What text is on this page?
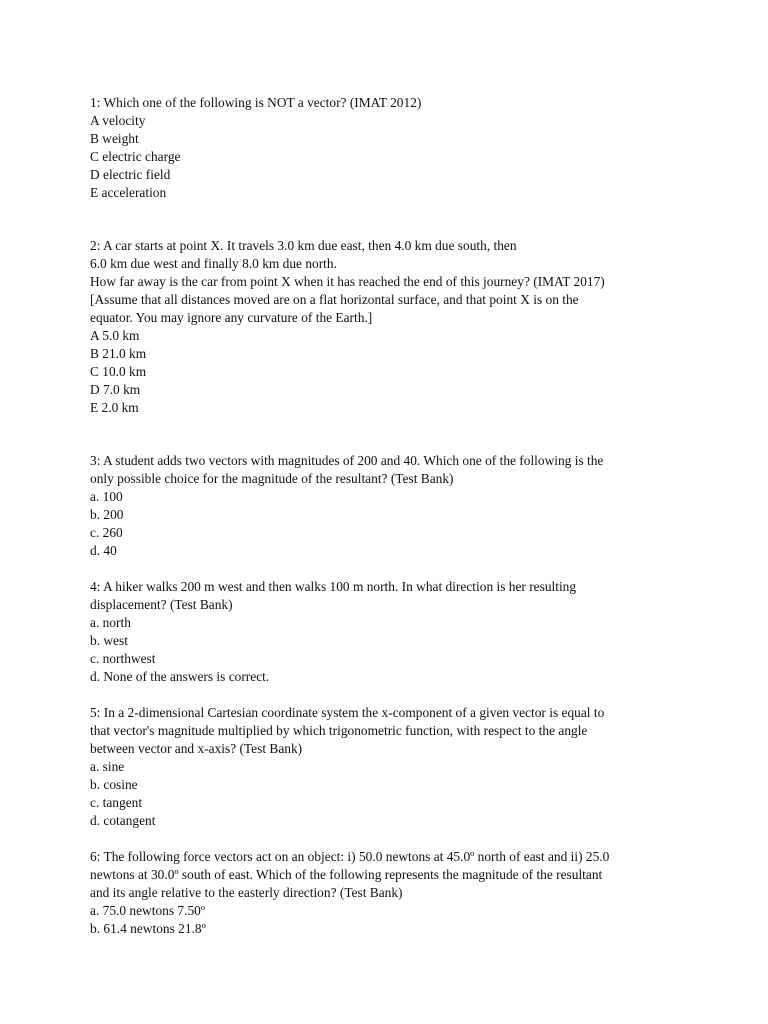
1: Which one of the following is NOT a vector? (IMAT 2012)
A velocity
B weight
C electric charge
D electric field
E acceleration
2: A car starts at point X. It travels 3.0 km due east, then 4.0 km due south, then
6.0 km due west and finally 8.0 km due north.
How far away is the car from point X when it has reached the end of this journey? (IMAT 2017)
[Assume that all distances moved are on a flat horizontal surface, and that point X is on the
equator. You may ignore any curvature of the Earth.]
A 5.0 km
B 21.0 km
C 10.0 km
D 7.0 km
E 2.0 km
3: A student adds two vectors with magnitudes of 200 and 40. Which one of the following is the
only possible choice for the magnitude of the resultant? (Test Bank)
a. 100
b. 200
c. 260
d. 40
4: A hiker walks 200 m west and then walks 100 m north. In what direction is her resulting
displacement? (Test Bank)
a. north
b. west
c. northwest
d. None of the answers is correct.
5: In a 2-dimensional Cartesian coordinate system the x-component of a given vector is equal to
that vector's magnitude multiplied by which trigonometric function, with respect to the angle
between vector and x-axis? (Test Bank)
a. sine
b. cosine
c. tangent
d. cotangent
6: The following force vectors act on an object: i) 50.0 newtons at 45.0º north of east and ii) 25.0
newtons at 30.0º south of east. Which of the following represents the magnitude of the resultant
and its angle relative to the easterly direction? (Test Bank)
a. 75.0 newtons 7.50º
b. 61.4 newtons 21.8º
